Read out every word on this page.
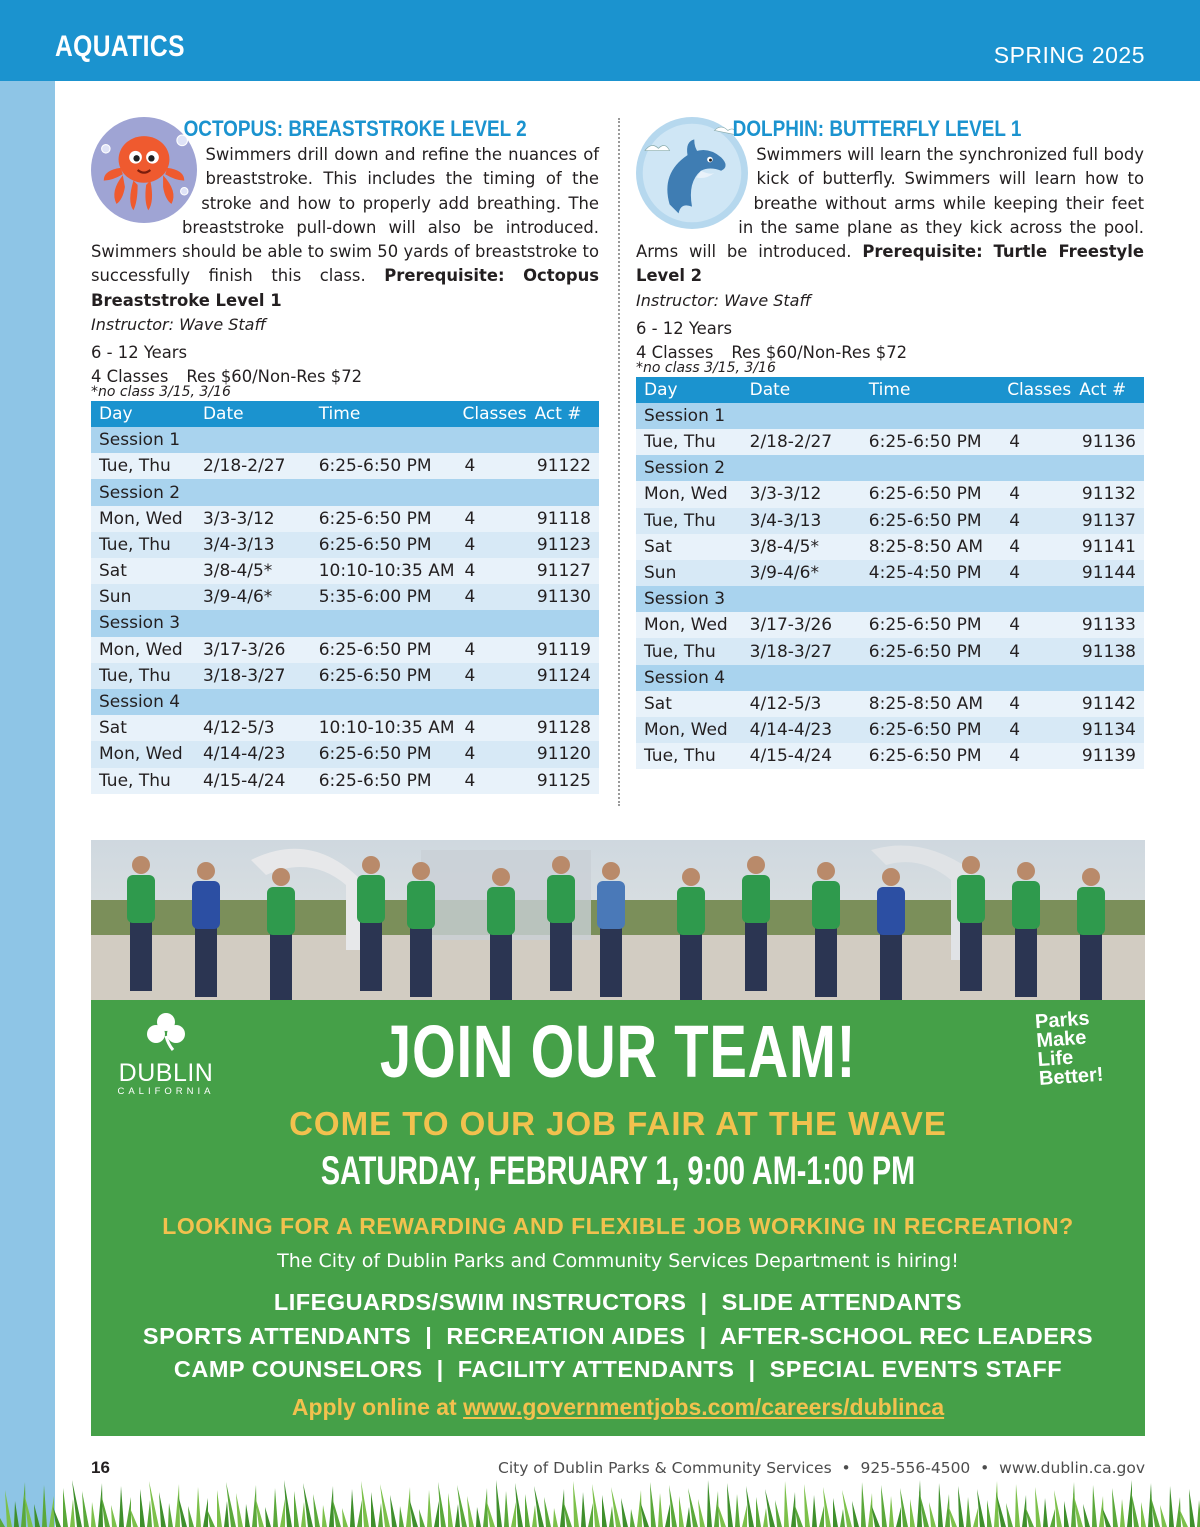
AQUATICS	SPRING 2025
OCTOPUS: BREASTSTROKE LEVEL 2

Swimmers drill down and refine the nuances of breaststroke. This includes the timing of the stroke and how to properly add breathing. The breaststroke pull-down will also be introduced. Swimmers should be able to swim 50 yards of breaststroke to successfully finish this class. Prerequisite: Octopus Breaststroke Level 1

Instructor: Wave Staff
6 - 12 Years
4 Classes Res $60/Non-Res $72
*no class 3/15, 3/16
Day	Date	Time	Classes	Act #
Session 1				
Tue, Thu	2/18-2/27	6:25-6:50 PM	4	91122
Session 2				
Mon, Wed	3/3-3/12	6:25-6:50 PM	4	91118
Tue, Thu	3/4-3/13	6:25-6:50 PM	4	91123
Sat	3/8-4/5*	10:10-10:35 AM	4	91127
Sun	3/9-4/6*	5:35-6:00 PM	4	91130
Session 3				
Mon, Wed	3/17-3/26	6:25-6:50 PM	4	91119
Tue, Thu	3/18-3/27	6:25-6:50 PM	4	91124
Session 4				
Sat	4/12-5/3	10:10-10:35 AM	4	91128
Mon, Wed	4/14-4/23	6:25-6:50 PM	4	91120
Tue, Thu	4/15-4/24	6:25-6:50 PM	4	91125
DOLPHIN: BUTTERFLY LEVEL 1

Swimmers will learn the synchronized full body kick of butterfly. Swimmers will learn how to breathe without arms while keeping their feet in the same plane as they kick across the pool. Arms will be introduced. Prerequisite: Turtle Freestyle Level 2

Instructor: Wave Staff
6 - 12 Years
4 Classes Res $60/Non-Res $72
*no class 3/15, 3/16
Day	Date	Time	Classes	Act #
Session 1				
Tue, Thu	2/18-2/27	6:25-6:50 PM	4	91136
Session 2				
Mon, Wed	3/3-3/12	6:25-6:50 PM	4	91132
Tue, Thu	3/4-3/13	6:25-6:50 PM	4	91137
Sat	3/8-4/5*	8:25-8:50 AM	4	91141
Sun	3/9-4/6*	4:25-4:50 PM	4	91144
Session 3				
Mon, Wed	3/17-3/26	6:25-6:50 PM	4	91133
Tue, Thu	3/18-3/27	6:25-6:50 PM	4	91138
Session 4				
Sat	4/12-5/3	8:25-8:50 AM	4	91142
Mon, Wed	4/14-4/23	6:25-6:50 PM	4	91134
Tue, Thu	4/15-4/24	6:25-6:50 PM	4	91139
DUBLIN
CALIFORNIA
Parks
Make
Life
Better!
JOIN OUR TEAM!
COME TO OUR JOB FAIR AT THE WAVE
SATURDAY, FEBRUARY 1, 9:00 AM-1:00 PM
LOOKING FOR A REWARDING AND FLEXIBLE JOB WORKING IN RECREATION?
The City of Dublin Parks and Community Services Department is hiring!
LIFEGUARDS/SWIM INSTRUCTORS  |  SLIDE ATTENDANTS
SPORTS ATTENDANTS  |  RECREATION AIDES  |  AFTER-SCHOOL REC LEADERS
CAMP COUNSELORS  |  FACILITY ATTENDANTS  |  SPECIAL EVENTS STAFF
Apply online at www.governmentjobs.com/careers/dublinca
16	City of Dublin Parks & Community Services  •  925-556-4500  •  www.dublin.ca.gov
